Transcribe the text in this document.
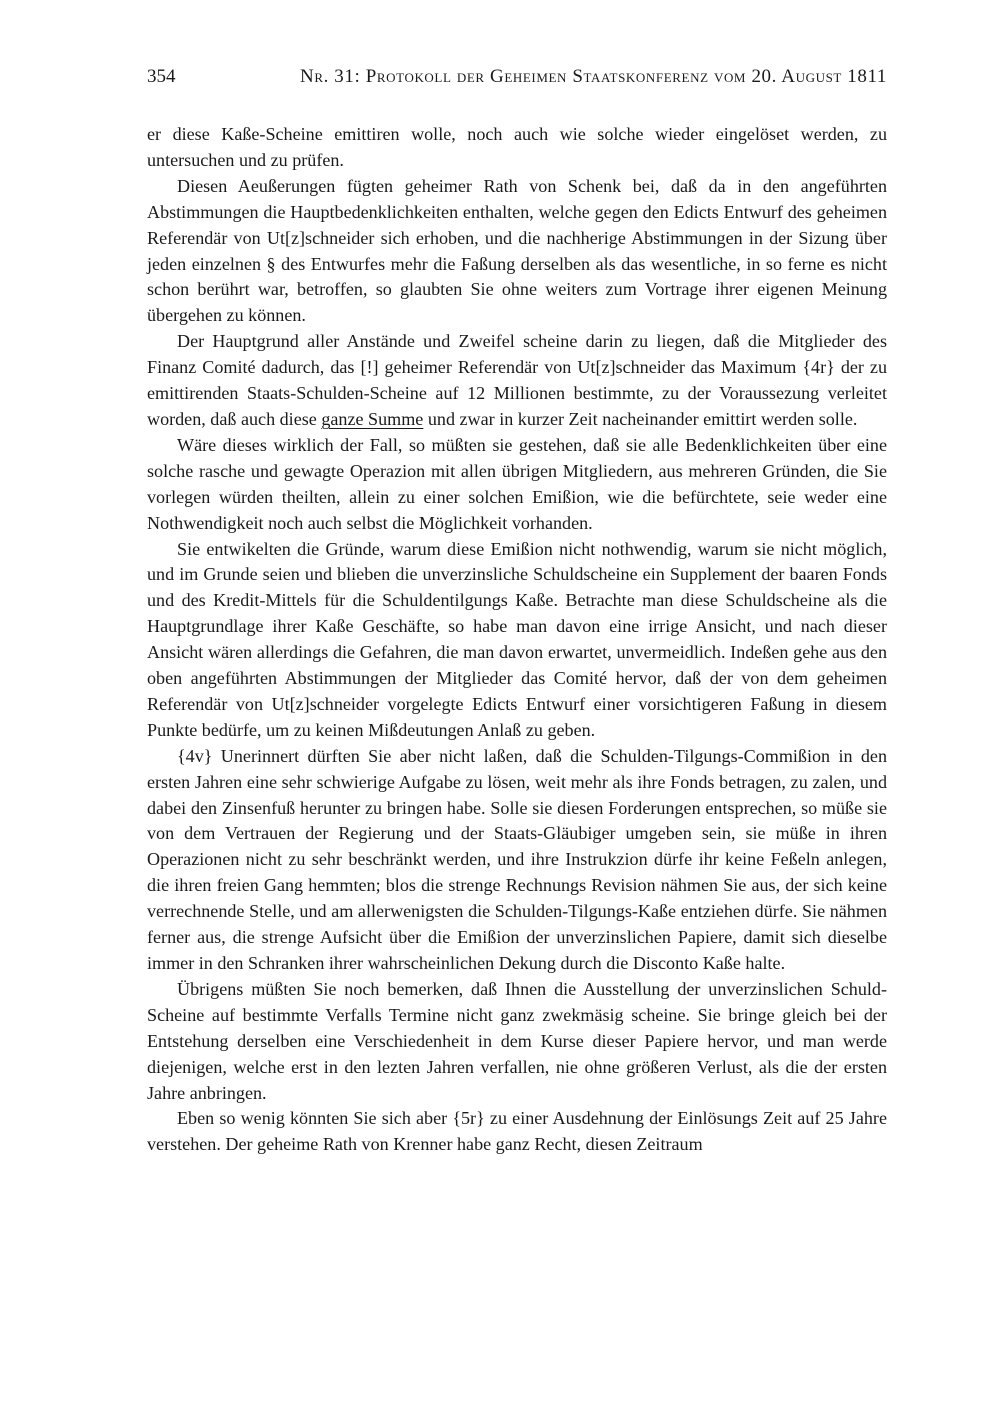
354	Nr. 31: Protokoll der Geheimen Staatskonferenz vom 20. August 1811

er diese Kaße-Scheine emittiren wolle, noch auch wie solche wieder eingelöset werden, zu untersuchen und zu prüfen.

Diesen Aeußerungen fügten geheimer Rath von Schenk bei, daß da in den angeführten Abstimmungen die Hauptbedenklichkeiten enthalten, welche gegen den Edicts Entwurf des geheimen Referendär von Ut[z]schneider sich erhoben, und die nachherige Abstimmungen in der Sizung über jeden einzelnen § des Entwurfes mehr die Faßung derselben als das wesentliche, in so ferne es nicht schon berührt war, betroffen, so glaubten Sie ohne weiters zum Vortrage ihrer eigenen Meinung übergehen zu können.

Der Hauptgrund aller Anstände und Zweifel scheine darin zu liegen, daß die Mitglieder des Finanz Comité dadurch, das [!] geheimer Referendär von Ut[z]schneider das Maximum {4r} der zu emittirenden Staats-Schulden-Scheine auf 12 Millionen bestimmte, zu der Voraussezung verleitet worden, daß auch diese ganze Summe und zwar in kurzer Zeit nacheinander emittirt werden solle.

Wäre dieses wirklich der Fall, so müßten sie gestehen, daß sie alle Bedenklichkeiten über eine solche rasche und gewagte Operazion mit allen übrigen Mitgliedern, aus mehreren Gründen, die Sie vorlegen würden theilten, allein zu einer solchen Emißion, wie die befürchtete, seie weder eine Nothwendigkeit noch auch selbst die Möglichkeit vorhanden.

Sie entwikelten die Gründe, warum diese Emißion nicht nothwendig, warum sie nicht möglich, und im Grunde seien und blieben die unverzinsliche Schuldscheine ein Supplement der baaren Fonds und des Kredit-Mittels für die Schuldentilgungs Kaße. Betrachte man diese Schuldscheine als die Hauptgrundlage ihrer Kaße Geschäfte, so habe man davon eine irrige Ansicht, und nach dieser Ansicht wären allerdings die Gefahren, die man davon erwartet, unvermeidlich. Indeßen gehe aus den oben angeführten Abstimmungen der Mitglieder das Comité hervor, daß der von dem geheimen Referendär von Ut[z]schneider vorgelegte Edicts Entwurf einer vorsichtigeren Faßung in diesem Punkte bedürfe, um zu keinen Mißdeutungen Anlaß zu geben.

{4v} Unerinnert dürften Sie aber nicht laßen, daß die Schulden-Tilgungs-Commißion in den ersten Jahren eine sehr schwierige Aufgabe zu lösen, weit mehr als ihre Fonds betragen, zu zalen, und dabei den Zinsenfuß herunter zu bringen habe. Solle sie diesen Forderungen entsprechen, so müße sie von dem Vertrauen der Regierung und der Staats-Gläubiger umgeben sein, sie müße in ihren Operazionen nicht zu sehr beschränkt werden, und ihre Instrukzion dürfe ihr keine Feßeln anlegen, die ihren freien Gang hemmten; blos die strenge Rechnungs Revision nähmen Sie aus, der sich keine verrechnende Stelle, und am allerwenigsten die Schulden-Tilgungs-Kaße entziehen dürfe. Sie nähmen ferner aus, die strenge Aufsicht über die Emißion der unverzinslichen Papiere, damit sich dieselbe immer in den Schranken ihrer wahrscheinlichen Dekung durch die Disconto Kaße halte.

Übrigens müßten Sie noch bemerken, daß Ihnen die Ausstellung der unverzinslichen Schuld-Scheine auf bestimmte Verfalls Termine nicht ganz zwekmäsig scheine. Sie bringe gleich bei der Entstehung derselben eine Verschiedenheit in dem Kurse dieser Papiere hervor, und man werde diejenigen, welche erst in den lezten Jahren verfallen, nie ohne größeren Verlust, als die der ersten Jahre anbringen.

Eben so wenig könnten Sie sich aber {5r} zu einer Ausdehnung der Einlösungs Zeit auf 25 Jahre verstehen. Der geheime Rath von Krenner habe ganz Recht, diesen Zeitraum
